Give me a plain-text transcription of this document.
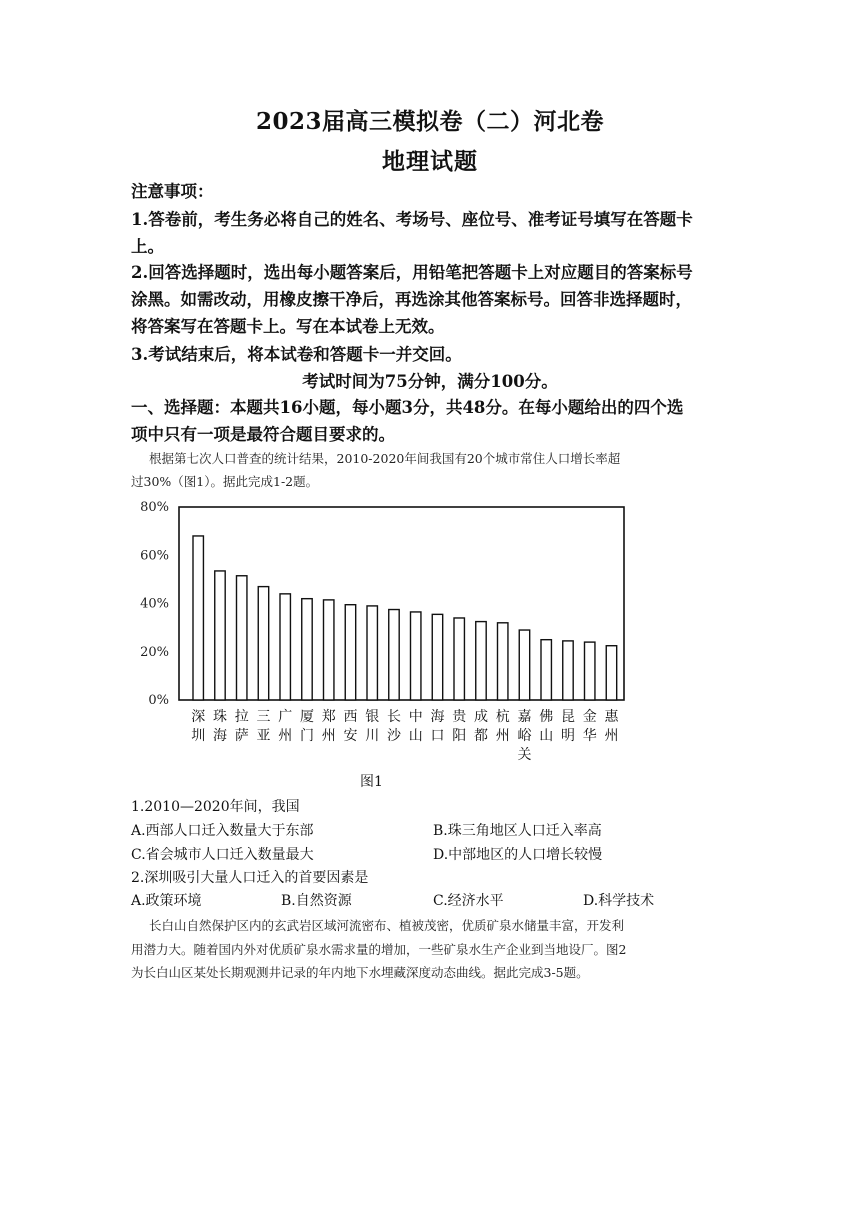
2023届高三模拟卷（二）河北卷
地理试题
注意事项：
1.答卷前，考生务必将自己的姓名、考场号、座位号、准考证号填写在答题卡
上。
2.回答选择题时，选出每小题答案后，用铅笔把答题卡上对应题目的答案标号
涂黑。如需改动，用橡皮擦干净后，再选涂其他答案标号。回答非选择题时，
将答案写在答题卡上。写在本试卷上无效。
3.考试结束后，将本试卷和答题卡一并交回。
考试时间为75分钟，满分100分。
一、选择题：本题共16小题，每小题3分，共48分。在每小题给出的四个选
项中只有一项是最符合题目要求的。
根据第七次人口普查的统计结果，2010-2020年间我国有20个城市常住人口增长率超
过30%（图1）。据此完成1-2题。
0%
20%
40%
60%
80%
深圳
珠海
拉萨
三亚
广州
厦门
郑州
西安
银川
长沙
中山
海口
贵阳
成都
杭州
嘉峪关
佛山
昆明
金华
惠州
图1
1.2010—2020年间，我国
A.西部人口迁入数量大于东部	B.珠三角地区人口迁入率高
C.省会城市人口迁入数量最大	D.中部地区的人口增长较慢
2.深圳吸引大量人口迁入的首要因素是
A.政策环境	B.自然资源	C.经济水平	D.科学技术
长白山自然保护区内的玄武岩区域河流密布、植被茂密，优质矿泉水储量丰富，开发利
用潜力大。随着国内外对优质矿泉水需求量的增加，一些矿泉水生产企业到当地设厂。图2
为长白山区某处长期观测井记录的年内地下水埋藏深度动态曲线。据此完成3-5题。
